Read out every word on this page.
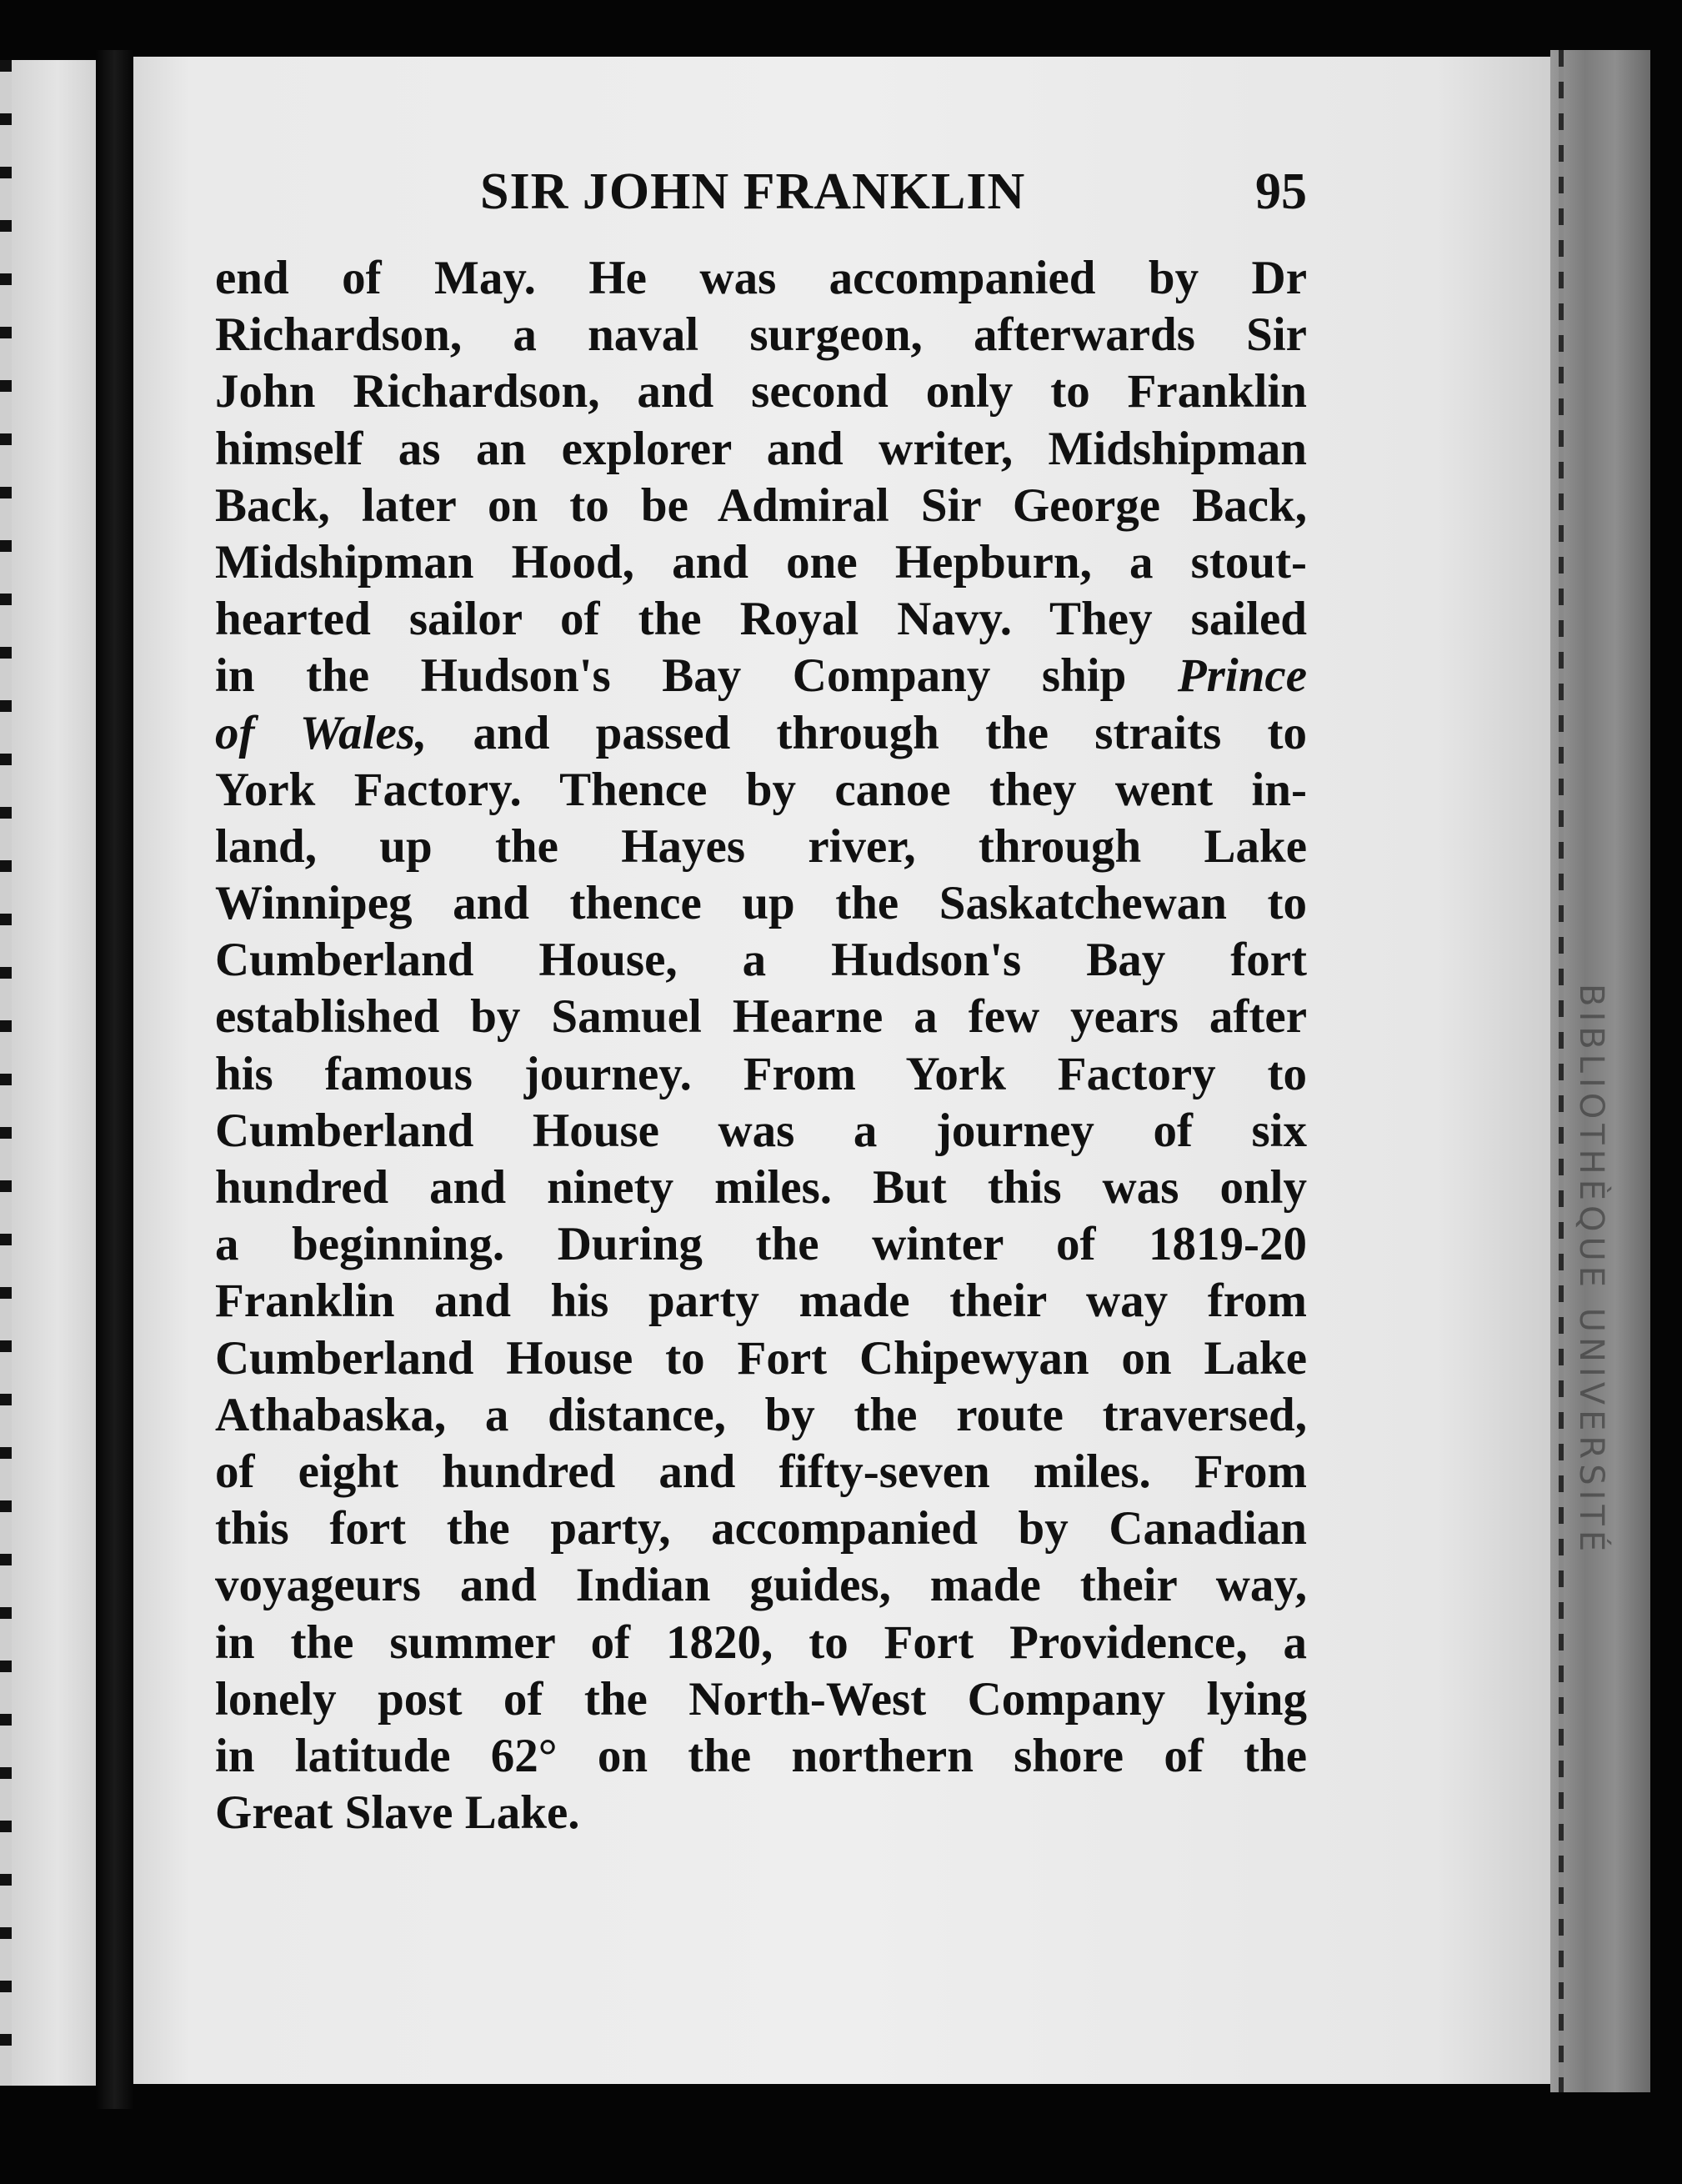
BIBLIOTHÈQUE UNIVERSITÉ
SIR JOHN FRANKLIN	95
end of May. He was accompanied by Dr
Richardson, a naval surgeon, afterwards Sir
John Richardson, and second only to Franklin
himself as an explorer and writer, Midshipman
Back, later on to be Admiral Sir George Back,
Midshipman Hood, and one Hepburn, a stout-
hearted sailor of the Royal Navy. They sailed
in the Hudson's Bay Company ship Prince
of Wales, and passed through the straits to
York Factory. Thence by canoe they went in-
land, up the Hayes river, through Lake
Winnipeg and thence up the Saskatchewan to
Cumberland House, a Hudson's Bay fort
established by Samuel Hearne a few years after
his famous journey. From York Factory to
Cumberland House was a journey of six
hundred and ninety miles. But this was only
a beginning. During the winter of 1819-20
Franklin and his party made their way from
Cumberland House to Fort Chipewyan on Lake
Athabaska, a distance, by the route traversed,
of eight hundred and fifty-seven miles. From
this fort the party, accompanied by Canadian
voyageurs and Indian guides, made their way,
in the summer of 1820, to Fort Providence, a
lonely post of the North-West Company lying
in latitude 62° on the northern shore of the
Great Slave Lake.
